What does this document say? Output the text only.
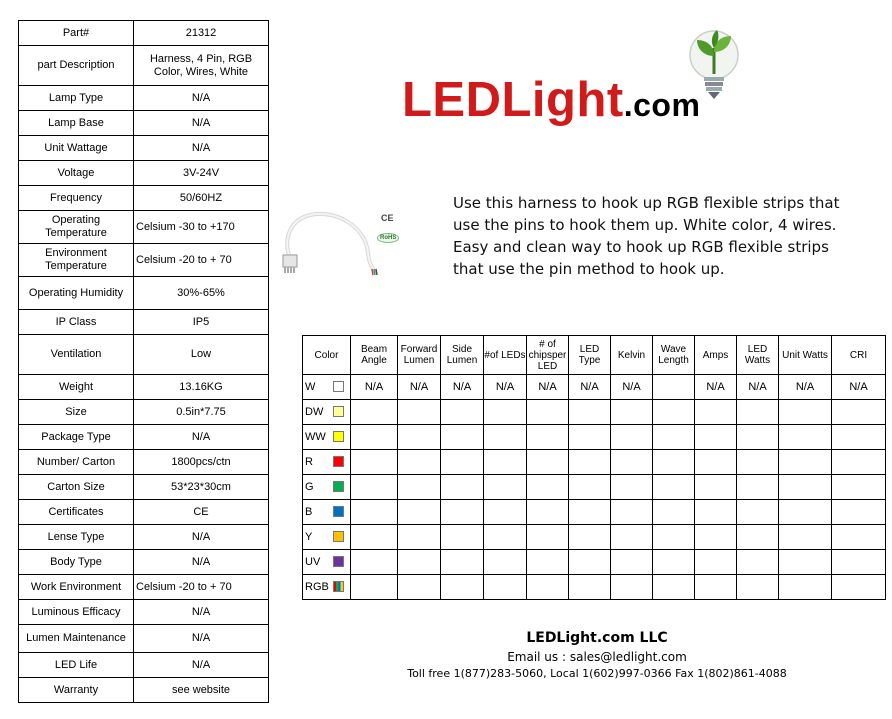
Part#	21312
part Description	Harness, 4 Pin, RGB Color, Wires, White
Lamp Type	N/A
Lamp Base	N/A
Unit Wattage	N/A
Voltage	3V-24V
Frequency	50/60HZ
Operating Temperature	Celsium -30 to +170
Environment Temperature	Celsium -20 to + 70
Operating Humidity	30%-65%
IP Class	IP5
Ventilation	Low
Weight	13.16KG
Size	0.5in*7.75
Package Type	N/A
Number/ Carton	1800pcs/ctn
Carton Size	53*23*30cm
Certificates	CE
Lense Type	N/A
Body Type	N/A
Work Environment	Celsium -20 to + 70
Luminous Efficacy	N/A
Lumen Maintenance	N/A
LED Life	N/A
Warranty	see website
LEDLight.com
CE
RoHS
Use this harness to hook up RGB flexible strips that use the pins to hook them up. White color, 4 wires. Easy and clean way to hook up RGB flexible strips that use the pin method to hook up.
Color	Beam Angle	Forward Lumen	Side Lumen	#of LEDs	# of chipsper LED	LED Type	Kelvin	Wave Length	Amps	LED Watts	Unit Watts	CRI
W	N/A	N/A	N/A	N/A	N/A	N/A	N/A		N/A	N/A	N/A	N/A
DW

WW

R

G

B

Y

UV

RGB

LEDLight.com LLC
Email us : sales@ledlight.com
Toll free 1(877)283-5060, Local 1(602)997-0366 Fax 1(802)861-4088
